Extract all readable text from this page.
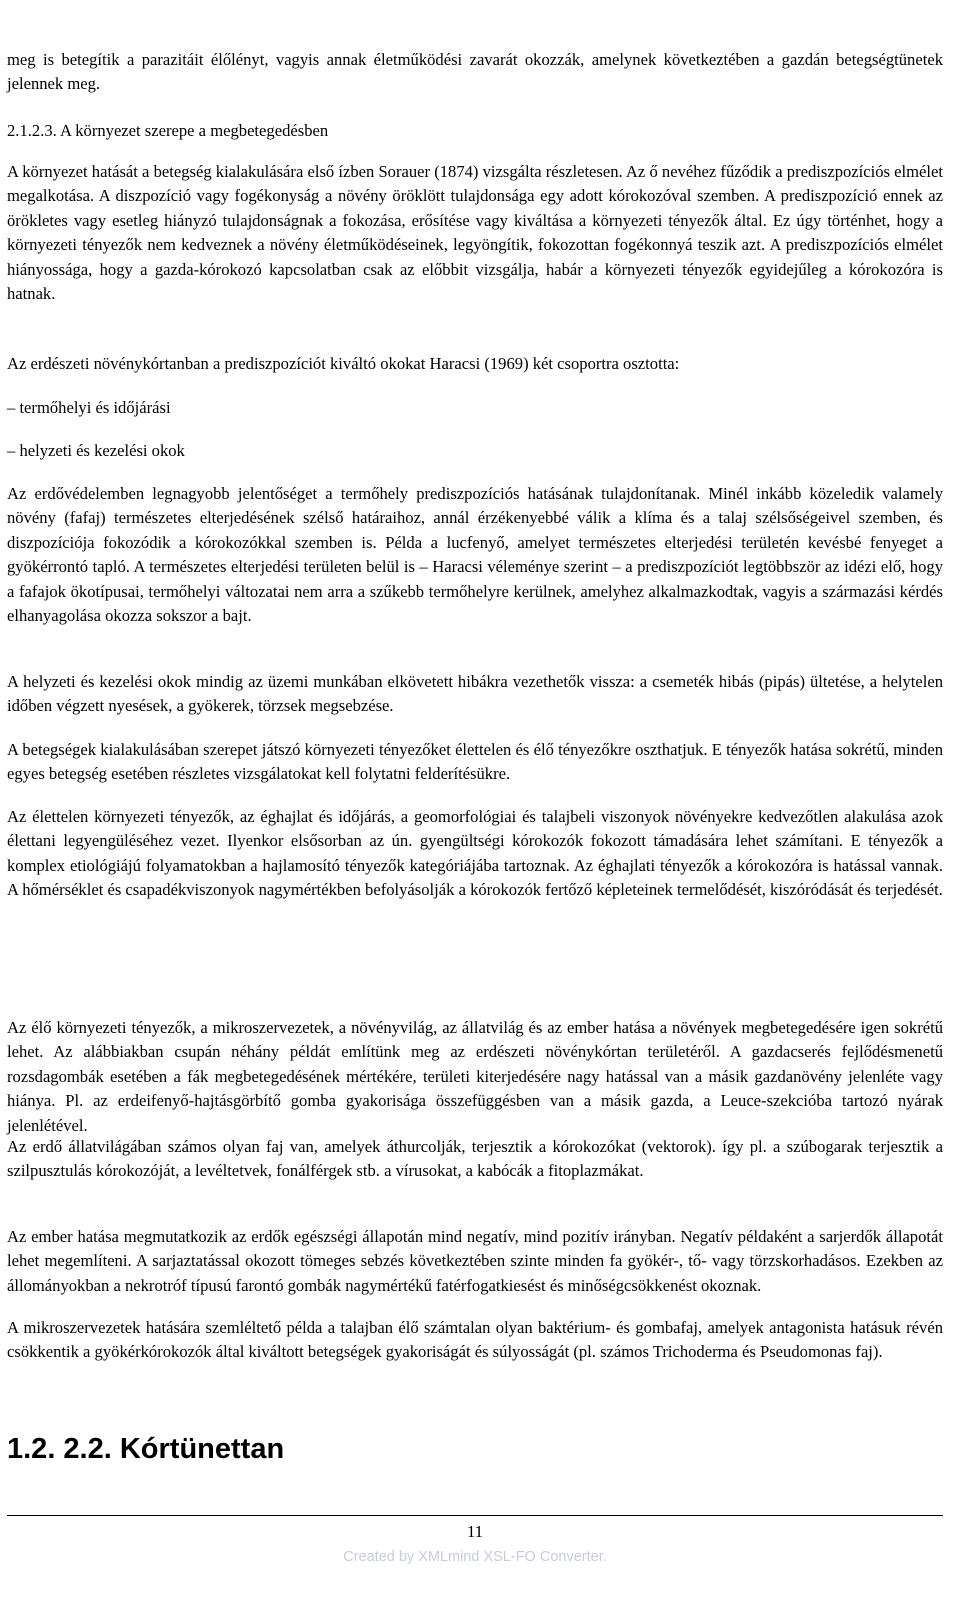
meg is betegítik a parazitáit élőlényt, vagyis annak életműködési zavarát okozzák, amelynek következtében a gazdán betegségtünetek jelennek meg.

2.1.2.3. A környezet szerepe a megbetegedésben

A környezet hatását a betegség kialakulására első ízben Sorauer (1874) vizsgálta részletesen. Az ő nevéhez fűződik a prediszpozíciós elmélet megalkotása. A diszpozíció vagy fogékonyság a növény öröklött tulajdonsága egy adott kórokozóval szemben. A prediszpozíció ennek az örökletes vagy esetleg hiányzó tulajdonságnak a fokozása, erősítése vagy kiváltása a környezeti tényezők által. Ez úgy történhet, hogy a környezeti tényezők nem kedveznek a növény életműködéseinek, legyöngítik, fokozottan fogékonnyá teszik azt. A prediszpozíciós elmélet hiányossága, hogy a gazda-kórokozó kapcsolatban csak az előbbit vizsgálja, habár a környezeti tényezők egyidejűleg a kórokozóra is hatnak.

Az erdészeti növénykórtanban a prediszpozíciót kiváltó okokat Haracsi (1969) két csoportra osztotta:

– termőhelyi és időjárási

– helyzeti és kezelési okok

Az erdővédelemben legnagyobb jelentőséget a termőhely prediszpozíciós hatásának tulajdonítanak. Minél inkább közeledik valamely növény (fafaj) természetes elterjedésének szélső határaihoz, annál érzékenyebbé válik a klíma és a talaj szélsőségeivel szemben, és diszpozíciója fokozódik a kórokozókkal szemben is. Példa a lucfenyő, amelyet természetes elterjedési területén kevésbé fenyeget a gyökérrontó tapló. A természetes elterjedési területen belül is – Haracsi véleménye szerint – a prediszpozíciót legtöbbször az idézi elő, hogy a fafajok ökotípusai, termőhelyi változatai nem arra a szűkebb termőhelyre kerülnek, amelyhez alkalmazkodtak, vagyis a származási kérdés elhanyagolása okozza sokszor a bajt.

A helyzeti és kezelési okok mindig az üzemi munkában elkövetett hibákra vezethetők vissza: a csemeték hibás (pipás) ültetése, a helytelen időben végzett nyesések, a gyökerek, törzsek megsebzése.

A betegségek kialakulásában szerepet játszó környezeti tényezőket élettelen és élő tényezőkre oszthatjuk. E tényezők hatása sokrétű, minden egyes betegség esetében részletes vizsgálatokat kell folytatni felderítésükre.

Az élettelen környezeti tényezők, az éghajlat és időjárás, a geomorfológiai és talajbeli viszonyok növényekre kedvezőtlen alakulása azok élettani legyengüléséhez vezet. Ilyenkor elsősorban az ún. gyengültségi kórokozók fokozott támadására lehet számítani. E tényezők a komplex etiológiájú folyamatokban a hajlamosító tényezők kategóriájába tartoznak. Az éghajlati tényezők a kórokozóra is hatással vannak. A hőmérséklet és csapadékviszonyok nagymértékben befolyásolják a kórokozók fertőző képleteinek termelődését, kiszóródását és terjedését.

Az élő környezeti tényezők, a mikroszervezetek, a növényvilág, az állatvilág és az ember hatása a növények megbetegedésére igen sokrétű lehet. Az alábbiakban csupán néhány példát említünk meg az erdészeti növénykórtan területéről. A gazdacserés fejlődésmenetű rozsdagombák esetében a fák megbetegedésének mértékére, területi kiterjedésére nagy hatással van a másik gazdanövény jelenléte vagy hiánya. Pl. az erdeifenyő-hajtásgörbítő gomba gyakorisága összefüggésben van a másik gazda, a Leuce-szekcióba tartozó nyárak jelenlétével.

Az erdő állatvilágában számos olyan faj van, amelyek áthurcolják, terjesztik a kórokozókat (vektorok). így pl. a szúbogarak terjesztik a szilpusztulás kórokozóját, a levéltetvek, fonálférgek stb. a vírusokat, a kabócák a fitoplazmákat.

Az ember hatása megmutatkozik az erdők egészségi állapotán mind negatív, mind pozitív irányban. Negatív példaként a sarjerdők állapotát lehet megemlíteni. A sarjaztatással okozott tömeges sebzés következtében szinte minden fa gyökér-, tő- vagy törzskorhadásos. Ezekben az állományokban a nekrotróf típusú farontó gombák nagymértékű fatérfogatkiesést és minőségcsökkenést okoznak.

A mikroszervezetek hatására szemléltető példa a talajban élő számtalan olyan baktérium- és gombafaj, amelyek antagonista hatásuk révén csökkentik a gyökérkórokozók által kiváltott betegségek gyakoriságát és súlyosságát (pl. számos Trichoderma és Pseudomonas faj).

1.2. 2.2. Kórtünettan
11
Created by XMLmind XSL-FO Converter.
